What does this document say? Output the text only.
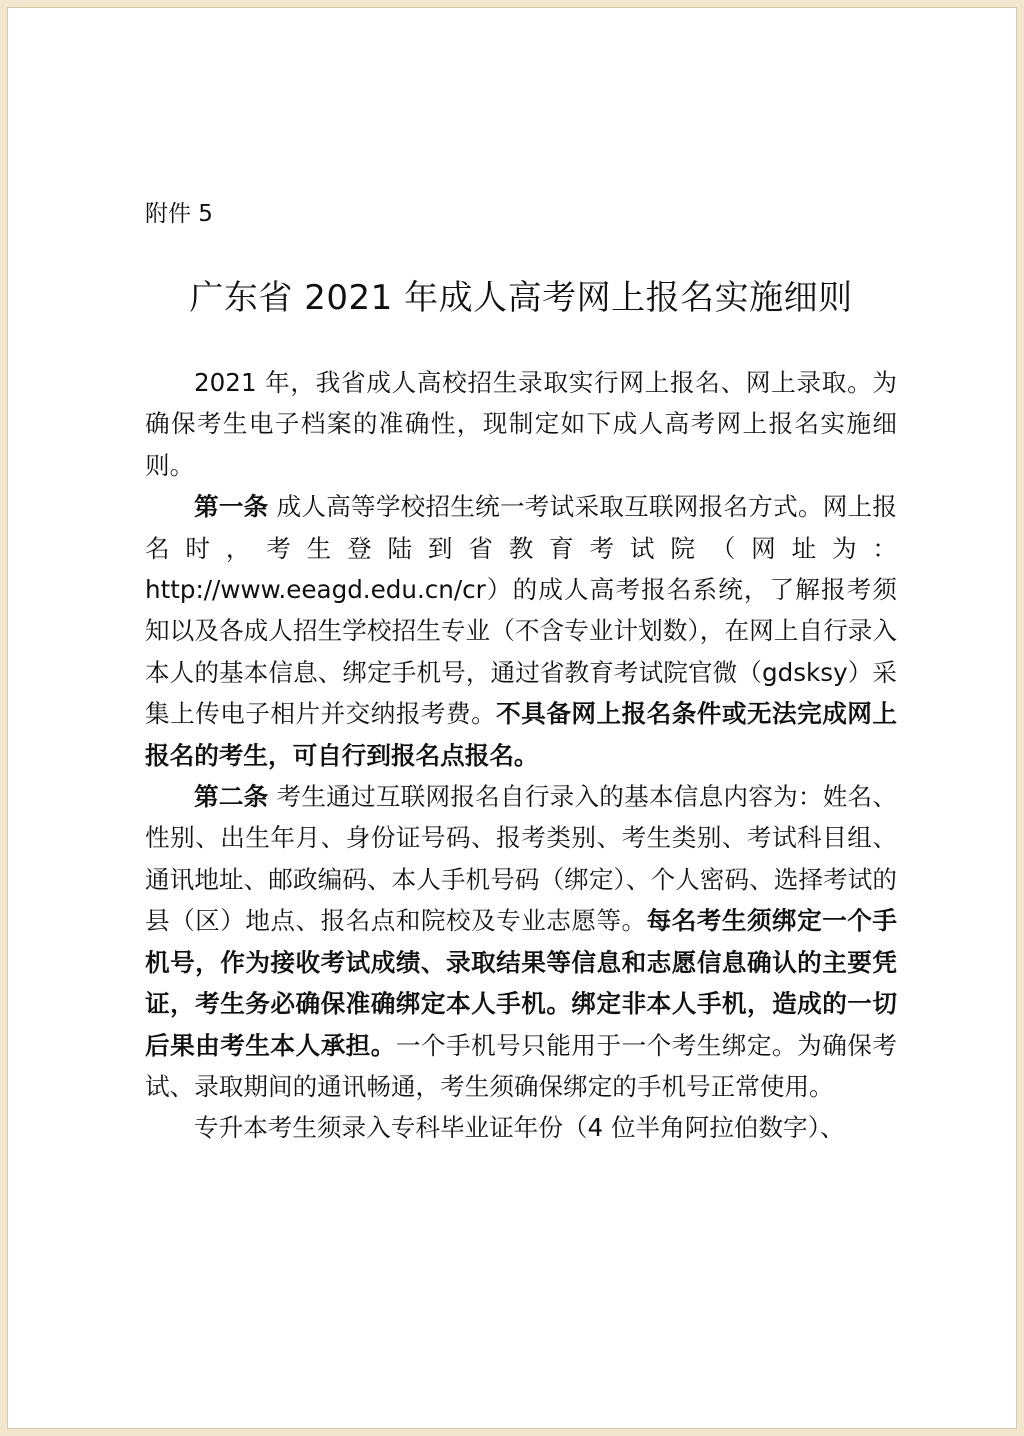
附件 5

广东省 2021 年成人高考网上报名实施细则

2021 年，我省成人高校招生录取实行网上报名、网上录取。为确保考生电子档案的准确性，现制定如下成人高考网上报名实施细则。

第一条 成人高等学校招生统一考试采取互联网报名方式。网上报名时，考生登陆到省教育考试院（网址为：http://www.eeagd.edu.cn/cr）的成人高考报名系统，了解报考须知以及各成人招生学校招生专业（不含专业计划数），在网上自行录入本人的基本信息、绑定手机号，通过省教育考试院官微（gdsksy）采集上传电子相片并交纳报考费。不具备网上报名条件或无法完成网上报名的考生，可自行到报名点报名。

第二条 考生通过互联网报名自行录入的基本信息内容为：姓名、性别、出生年月、身份证号码、报考类别、考生类别、考试科目组、通讯地址、邮政编码、本人手机号码（绑定）、个人密码、选择考试的县（区）地点、报名点和院校及专业志愿等。每名考生须绑定一个手机号，作为接收考试成绩、录取结果等信息和志愿信息确认的主要凭证，考生务必确保准确绑定本人手机。绑定非本人手机，造成的一切后果由考生本人承担。一个手机号只能用于一个考生绑定。为确保考试、录取期间的通讯畅通，考生须确保绑定的手机号正常使用。

专升本考生须录入专科毕业证年份（4 位半角阿拉伯数字）、
